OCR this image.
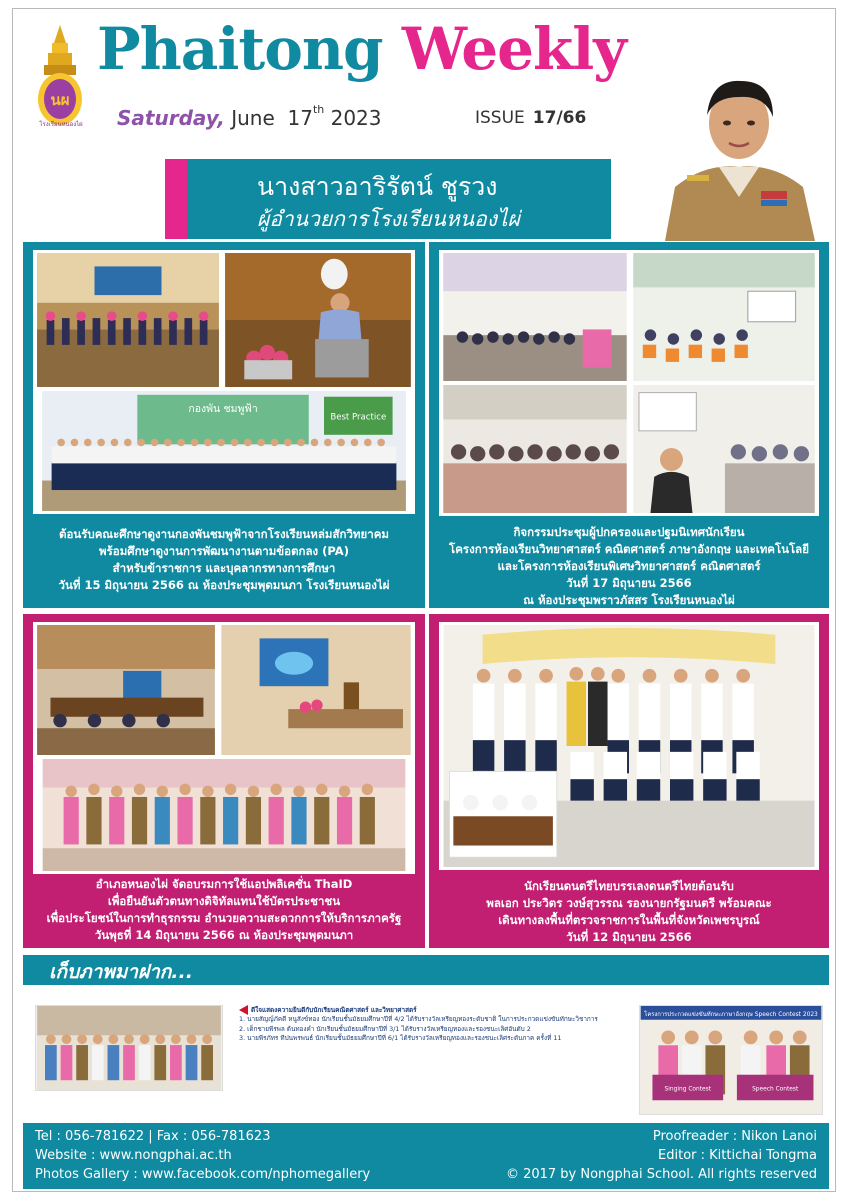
นผ
โรงเรียนหนองไผ่
Phaitong Weekly
Saturday, June 17th 2023	ISSUE 17/66
นางสาวอาริรัตน์ ชูรวง
ผู้อำนวยการโรงเรียนหนองไผ่
กองพัน ชมพูฟ้า
Best Practice
ต้อนรับคณะศึกษาดูงานกองพันชมพูฟ้าจากโรงเรียนหล่มสักวิทยาคม
พร้อมศึกษาดูงานการพัฒนางานตามข้อตกลง (PA)
สำหรับข้าราชการ และบุคลากรทางการศึกษา
วันที่ 15 มิถุนายน 2566 ณ ห้องประชุมพุดมนภา โรงเรียนหนองไผ่
กิจกรรมประชุมผู้ปกครองและปฐมนิเทศนักเรียน
โครงการห้องเรียนวิทยาศาสตร์ คณิตศาสตร์ ภาษาอังกฤษ และเทคโนโลยี
และโครงการห้องเรียนพิเศษวิทยาศาสตร์ คณิตศาสตร์
วันที่ 17 มิถุนายน 2566
ณ ห้องประชุมพราวภัสสร โรงเรียนหนองไผ่
อำเภอหนองไผ่ จัดอบรมการใช้แอปพลิเคชั่น ThaID
เพื่อยืนยันตัวตนทางดิจิทัลแทนใช้บัตรประชาชน
เพื่อประโยชน์ในการทำธุรกรรม อำนวยความสะดวกการให้บริการภาครัฐ
วันพุธที่ 14 มิถุนายน 2566 ณ ห้องประชุมพุดมนภา
นักเรียนดนตรีไทยบรรเลงดนตรีไทยต้อนรับ
พลเอก ประวิตร วงษ์สุวรรณ รองนายกรัฐมนตรี พร้อมคณะ
เดินทางลงพื้นที่ตรวจราชการในพื้นที่จังหวัดเพชรบูรณ์
วันที่ 12 มิถุนายน 2566
เก็บภาพมาฝาก...
ดีใจแสดงความยินดีกับนักเรียนคณิตศาสตร์ และวิทยาศาสตร์
1. นายสัญญ์ภัคดี หนูสังข์ทอง นักเรียนชั้นมัธยมศึกษาปีที่ 4/2 ได้รับรางวัลเหรียญทองระดับชาติ ในการประกวดแข่งขันทักษะวิชาการ
2. เด็กชายพีรพล ต้นทองคำ นักเรียนชั้นมัธยมศึกษาปีที่ 3/1 ได้รับรางวัลเหรียญทองและรองชนะเลิศอันดับ 2
3. นายพีรภัทร ทีปนพรพนธ์ นักเรียนชั้นมัธยมศึกษาปีที่ 6/1 ได้รับรางวัลเหรียญทองและรองชนะเลิศระดับภาค ครั้งที่ 11
โครงการประกวดแข่งขันทักษะภาษาอังกฤษ Speech Contest 2023
Singing Contest	Speech Contest
Tel : 056-781622 | Fax : 056-781623
Website : www.nongphai.ac.th
Photos Gallery : www.facebook.com/nphomegallery
Proofreader : Nikon Lanoi
Editor : Kittichai Tongma
© 2017 by Nongphai School. All rights reserved
